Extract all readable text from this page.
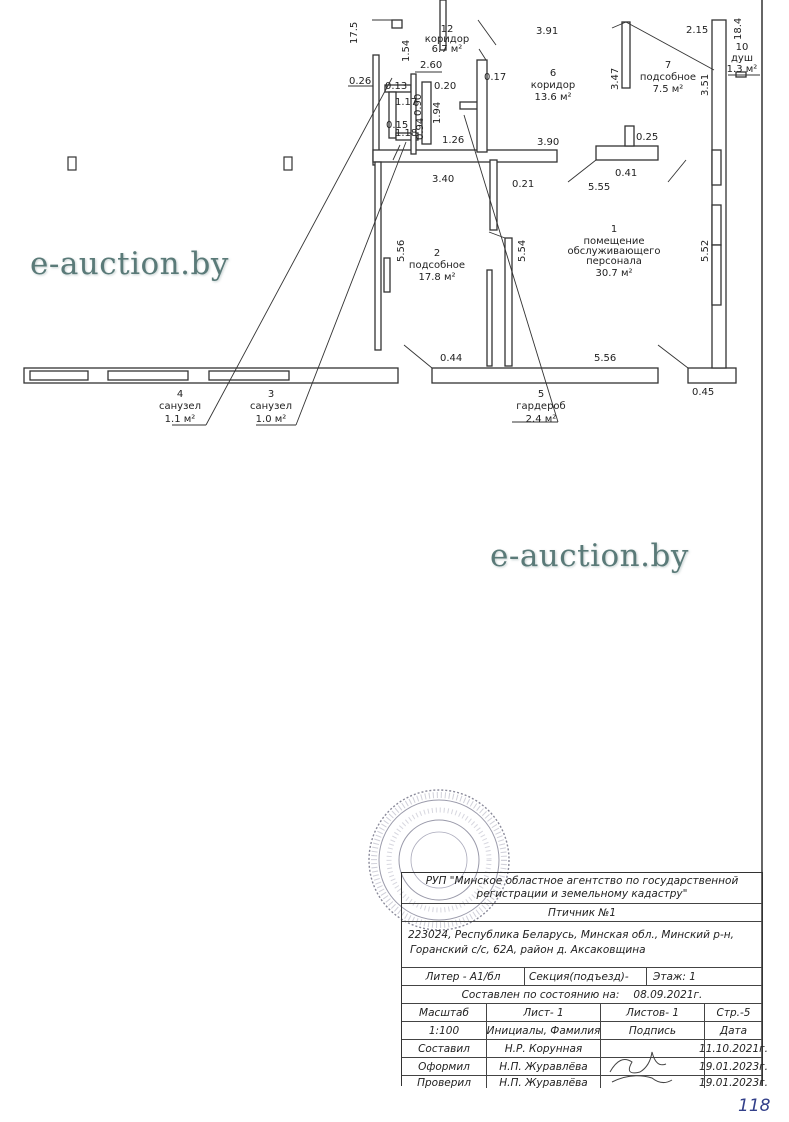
17.5
1.54
2.60
0.26 0.13
0.90
0.20
0.17
3.91	2.15 18.4
3.47	3.51
1.17 1.94
0.15 0.94
1.18
1.26	3.90	0.25
0.41
5.55
3.40	0.21
5.56	5.54	5.52
0.44	5.56
0.45
12
коридор
6.7 м²
6
коридор
13.6 м²
7
подсобное
7.5 м²
10
душ
1.3 м²
2
подсобное
17.8 м²
1
помещение
обслуживающего
персонала
30.7 м²
4
санузел
1.1 м²
3
санузел
1.0 м²
5
гардероб
2.4 м²
e-auction.by
e-auction.by
РУП "Минское областное агентство по государственной
регистрации и земельному кадастру"
Птичник №1
223024, Республика Беларусь, Минская обл., Минский р-н,
Горанский с/с, 62А, район д. Аксаковщина
Литер - А1/бл	Секция(подъезд)-	Этаж: 1
Составлен по состоянию на: 08.09.2021г.
Масштаб	Лист- 1	Листов- 1	Стр.-5
1:100	Инициалы, Фамилия	Подпись	Дата
Составил	Н.Р. Корунная	11.10.2021г.
Оформил	Н.П. Журавлёва	19.01.2023г.
Проверил	Н.П. Журавлёва	19.01.2023г.
118
